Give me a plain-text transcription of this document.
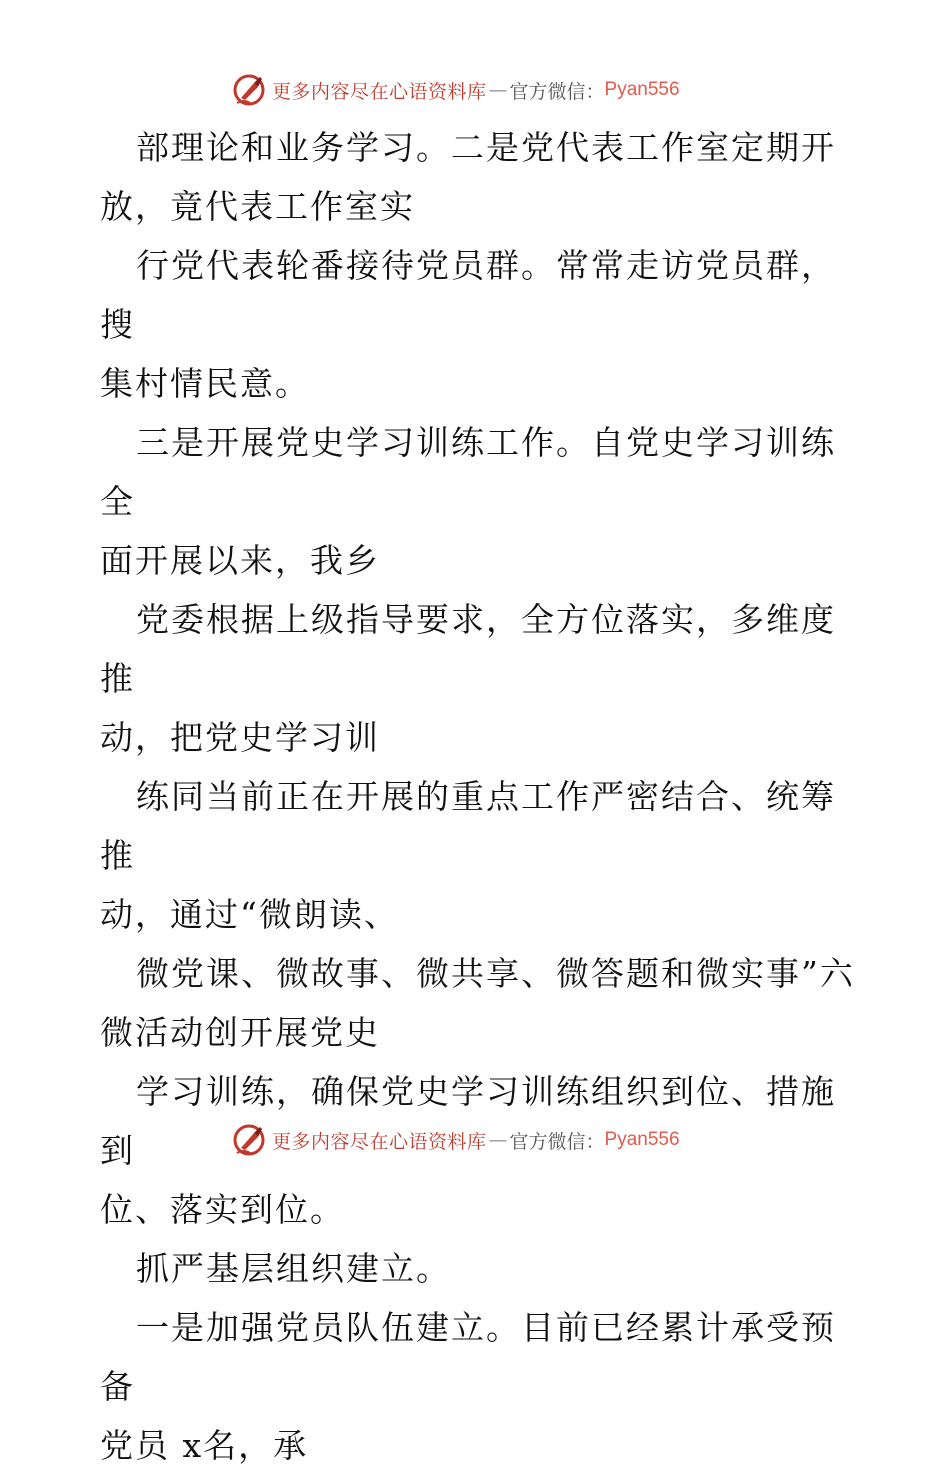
更多内容尽在心语资料库 — 官方微信： Pyan556

部理论和业务学习。二是党代表工作室定期开
放，竟代表工作室实

行党代表轮番接待党员群。常常走访党员群，搜
集村情民意。

三是开展党史学习训练工作。自党史学习训练全
面开展以来，我乡

党委根据上级指导要求，全方位落实，多维度推
动，把党史学习训

练同当前正在开展的重点工作严密结合、统筹推
动，通过“微朗读、

微党课、微故事、微共享、微答题和微实事”六
微活动创开展党史

学习训练，确保党史学习训练组织到位、措施到
位、落实到位。

抓严基层组织建立。

一是加强党员队伍建立。目前已经累计承受预备
党员 x名，承

更多内容尽在心语资料库 — 官方微信： Pyan556
